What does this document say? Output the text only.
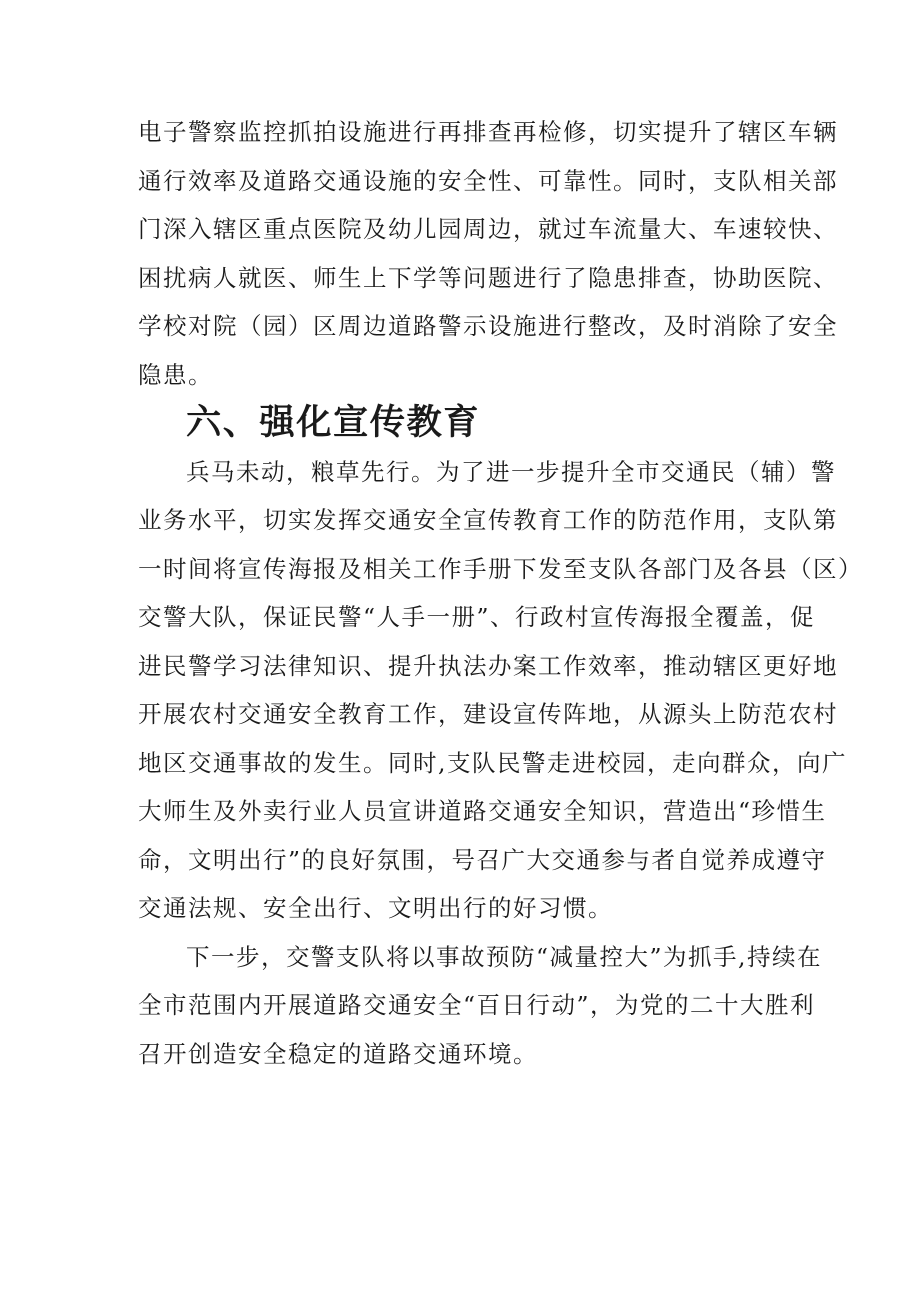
电子警察监控抓拍设施进行再排查再检修，切实提升了辖区车辆
通行效率及道路交通设施的安全性、可靠性。同时，支队相关部
门深入辖区重点医院及幼儿园周边，就过车流量大、车速较快、
困扰病人就医、师生上下学等问题进行了隐患排查，协助医院、
学校对院（园）区周边道路警示设施进行整改，及时消除了安全
隐患。

六、强化宣传教育

兵马未动，粮草先行。为了进一步提升全市交通民（辅）警
业务水平，切实发挥交通安全宣传教育工作的防范作用，支队第
一时间将宣传海报及相关工作手册下发至支队各部门及各县（区）
交警大队，保证民警“人手一册”、行政村宣传海报全覆盖，促
进民警学习法律知识、提升执法办案工作效率，推动辖区更好地
开展农村交通安全教育工作，建设宣传阵地，从源头上防范农村
地区交通事故的发生。同时,支队民警走进校园，走向群众，向广
大师生及外卖行业人员宣讲道路交通安全知识，营造出“珍惜生
命，文明出行”的良好氛围，号召广大交通参与者自觉养成遵守
交通法规、安全出行、文明出行的好习惯。

下一步，交警支队将以事故预防“减量控大”为抓手,持续在
全市范围内开展道路交通安全“百日行动”，为党的二十大胜利
召开创造安全稳定的道路交通环境。
